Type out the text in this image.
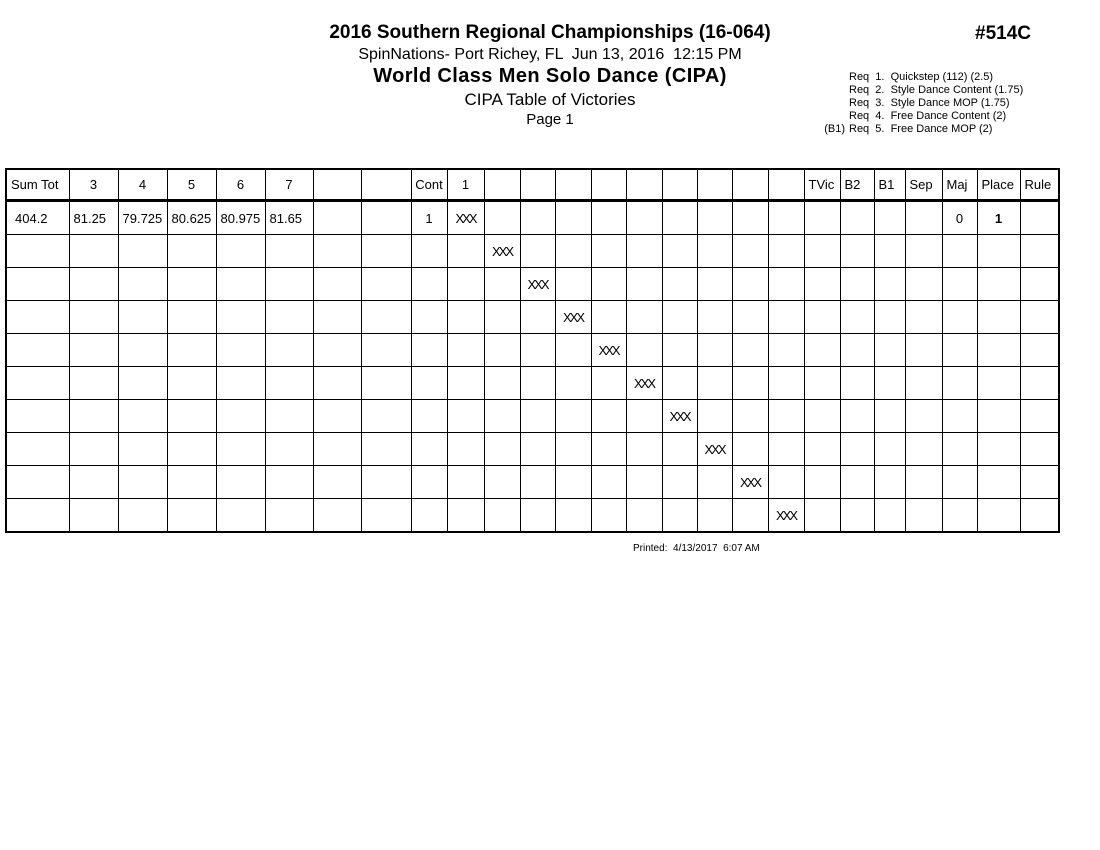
2016 Southern Regional Championships (16-064)	#514C
SpinNations- Port Richey, FL  Jun 13, 2016  12:15 PM
World Class Men Solo Dance (CIPA)
CIPA Table of Victories
Page 1
Req  1.  Quickstep (112) (2.5)
Req  2.  Style Dance Content (1.75)
Req  3.  Style Dance MOP (1.75)
Req  4.  Free Dance Content (2)
(B1) Req  5.  Free Dance MOP (2)
Sum Tot	3	4	5	6	7			Cont	1										TVic	B2	B1	Sep	Maj	Place	Rule
404.2	81.25	79.725	80.625	80.975	81.65			1	XXX														0	1	
										XXX															
											XXX														
												XXX													
													XXX												
														XXX											
															XXX										
																XXX									
																	XXX								
																		XXX							
Printed:  4/13/2017  6:07 AM
